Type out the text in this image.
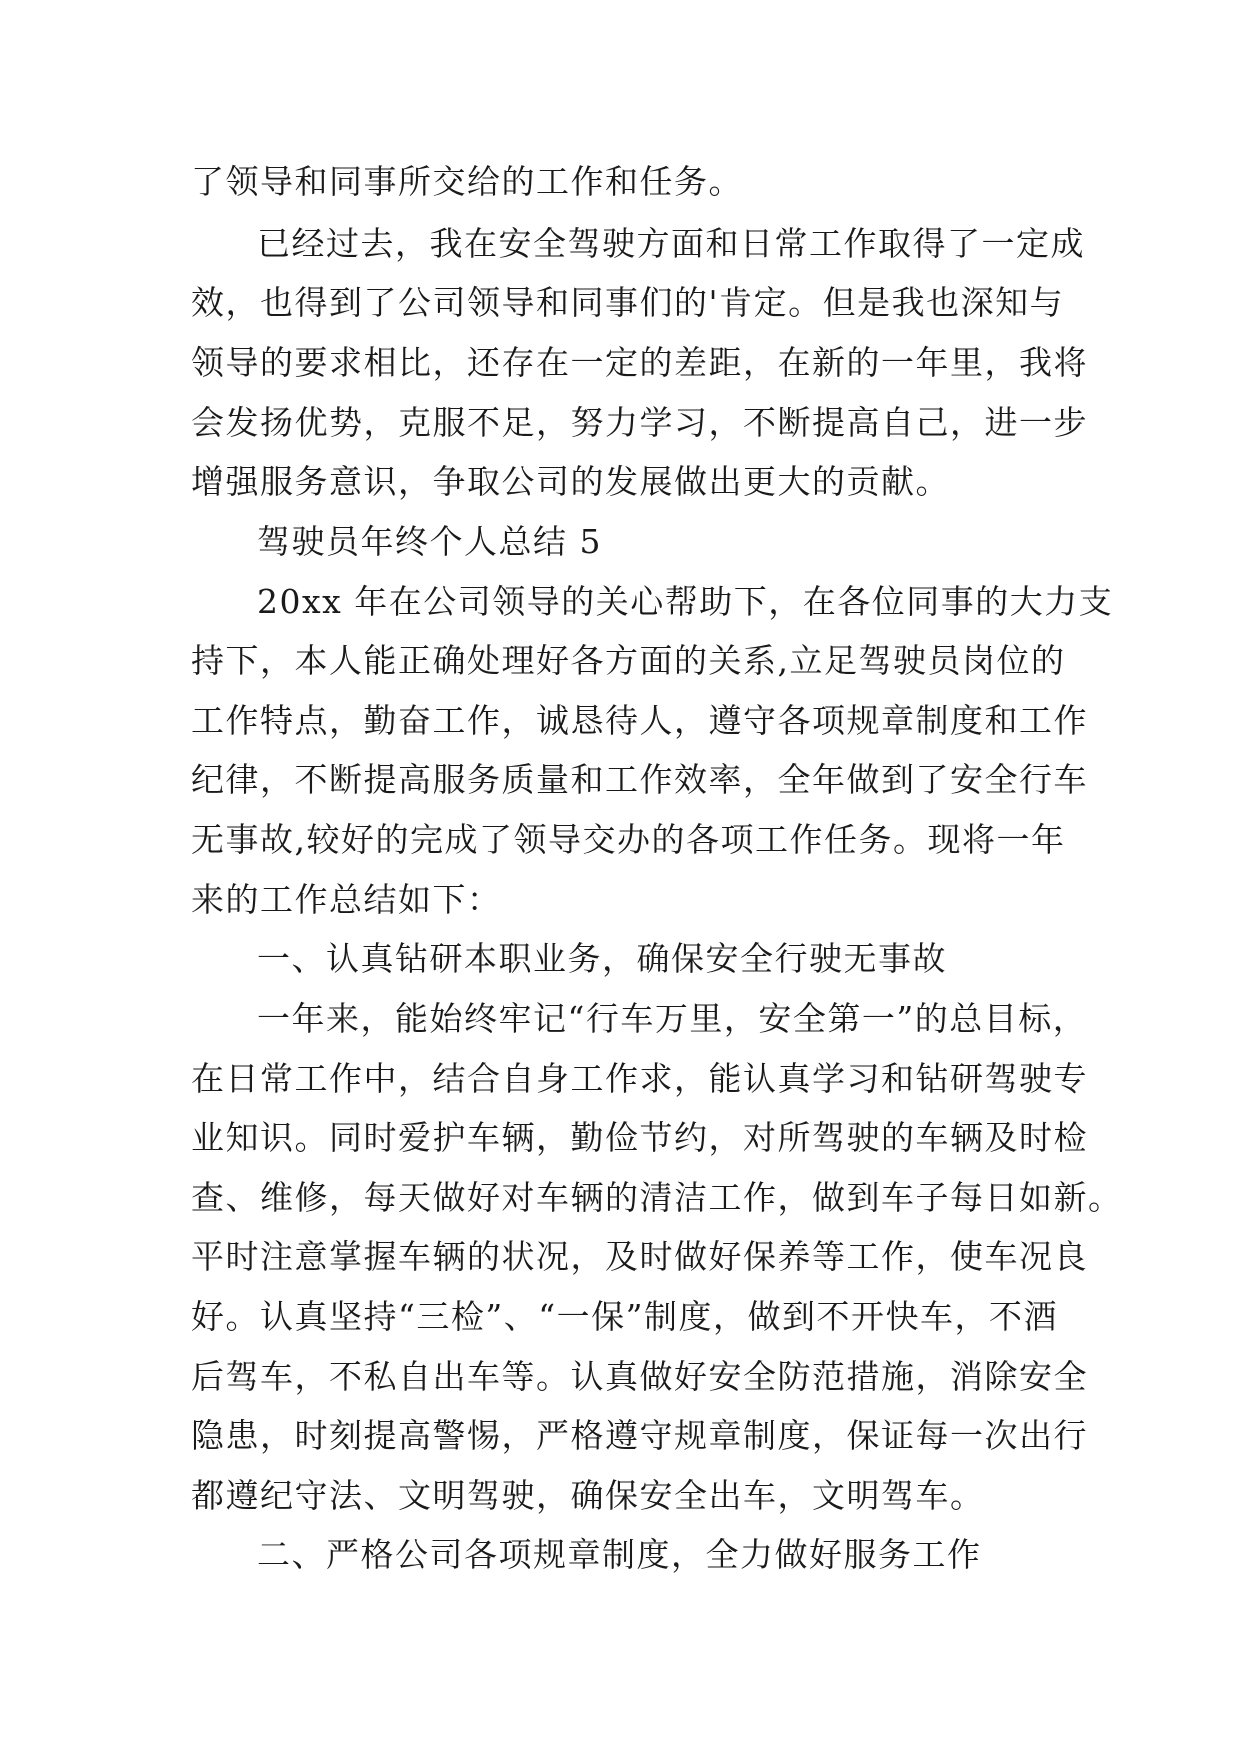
了领导和同事所交给的工作和任务。
已经过去，我在安全驾驶方面和日常工作取得了一定成
效，也得到了公司领导和同事们的'肯定。但是我也深知与
领导的要求相比，还存在一定的差距，在新的一年里，我将
会发扬优势，克服不足，努力学习，不断提高自己，进一步
增强服务意识，争取公司的发展做出更大的贡献。
驾驶员年终个人总结 5
20xx 年在公司领导的关心帮助下，在各位同事的大力支
持下，本人能正确处理好各方面的关系,立足驾驶员岗位的
工作特点，勤奋工作，诚恳待人，遵守各项规章制度和工作
纪律，不断提高服务质量和工作效率，全年做到了安全行车
无事故,较好的完成了领导交办的各项工作任务。现将一年
来的工作总结如下：
一、认真钻研本职业务，确保安全行驶无事故
一年来，能始终牢记“行车万里，安全第一”的总目标，
在日常工作中，结合自身工作求，能认真学习和钻研驾驶专
业知识。同时爱护车辆，勤俭节约，对所驾驶的车辆及时检
查、维修，每天做好对车辆的清洁工作，做到车子每日如新。
平时注意掌握车辆的状况，及时做好保养等工作，使车况良
好。认真坚持“三检”、“一保”制度，做到不开快车，不酒
后驾车，不私自出车等。认真做好安全防范措施，消除安全
隐患，时刻提高警惕，严格遵守规章制度，保证每一次出行
都遵纪守法、文明驾驶，确保安全出车，文明驾车。
二、严格公司各项规章制度，全力做好服务工作
